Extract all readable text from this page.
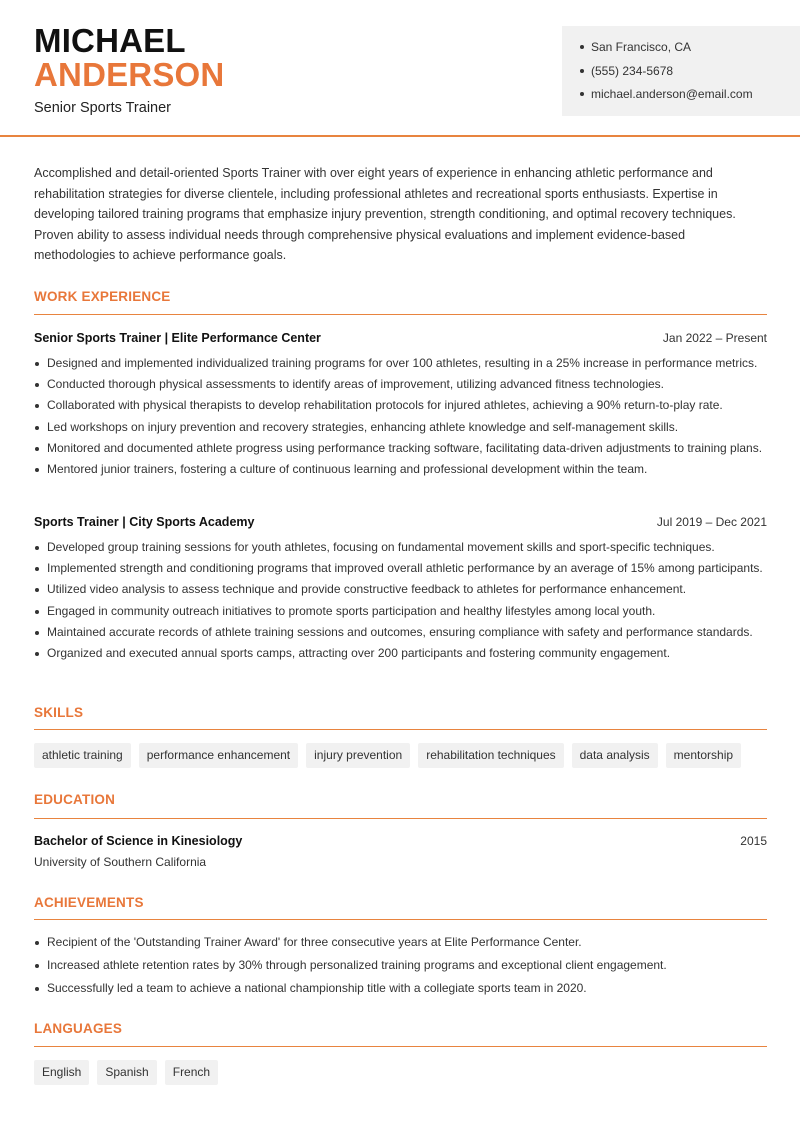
MICHAEL
ANDERSON
Senior Sports Trainer
San Francisco, CA
(555) 234-5678
michael.anderson@email.com

Accomplished and detail-oriented Sports Trainer with over eight years of experience in enhancing athletic performance and rehabilitation strategies for diverse clientele, including professional athletes and recreational sports enthusiasts. Expertise in developing tailored training programs that emphasize injury prevention, strength conditioning, and optimal recovery techniques. Proven ability to assess individual needs through comprehensive physical evaluations and implement evidence-based methodologies to achieve performance goals.

WORK EXPERIENCE
Senior Sports Trainer | Elite Performance Center	Jan 2022 – Present
Designed and implemented individualized training programs for over 100 athletes, resulting in a 25% increase in performance metrics.
Conducted thorough physical assessments to identify areas of improvement, utilizing advanced fitness technologies.
Collaborated with physical therapists to develop rehabilitation protocols for injured athletes, achieving a 90% return-to-play rate.
Led workshops on injury prevention and recovery strategies, enhancing athlete knowledge and self-management skills.
Monitored and documented athlete progress using performance tracking software, facilitating data-driven adjustments to training plans.
Mentored junior trainers, fostering a culture of continuous learning and professional development within the team.
Sports Trainer | City Sports Academy	Jul 2019 – Dec 2021
Developed group training sessions for youth athletes, focusing on fundamental movement skills and sport-specific techniques.
Implemented strength and conditioning programs that improved overall athletic performance by an average of 15% among participants.
Utilized video analysis to assess technique and provide constructive feedback to athletes for performance enhancement.
Engaged in community outreach initiatives to promote sports participation and healthy lifestyles among local youth.
Maintained accurate records of athlete training sessions and outcomes, ensuring compliance with safety and performance standards.
Organized and executed annual sports camps, attracting over 200 participants and fostering community engagement.
SKILLS
athletic training	performance enhancement	injury prevention	rehabilitation techniques	data analysis	mentorship
EDUCATION
Bachelor of Science in Kinesiology	2015
University of Southern California
ACHIEVEMENTS
Recipient of the 'Outstanding Trainer Award' for three consecutive years at Elite Performance Center.
Increased athlete retention rates by 30% through personalized training programs and exceptional client engagement.
Successfully led a team to achieve a national championship title with a collegiate sports team in 2020.
LANGUAGES
English	Spanish	French
